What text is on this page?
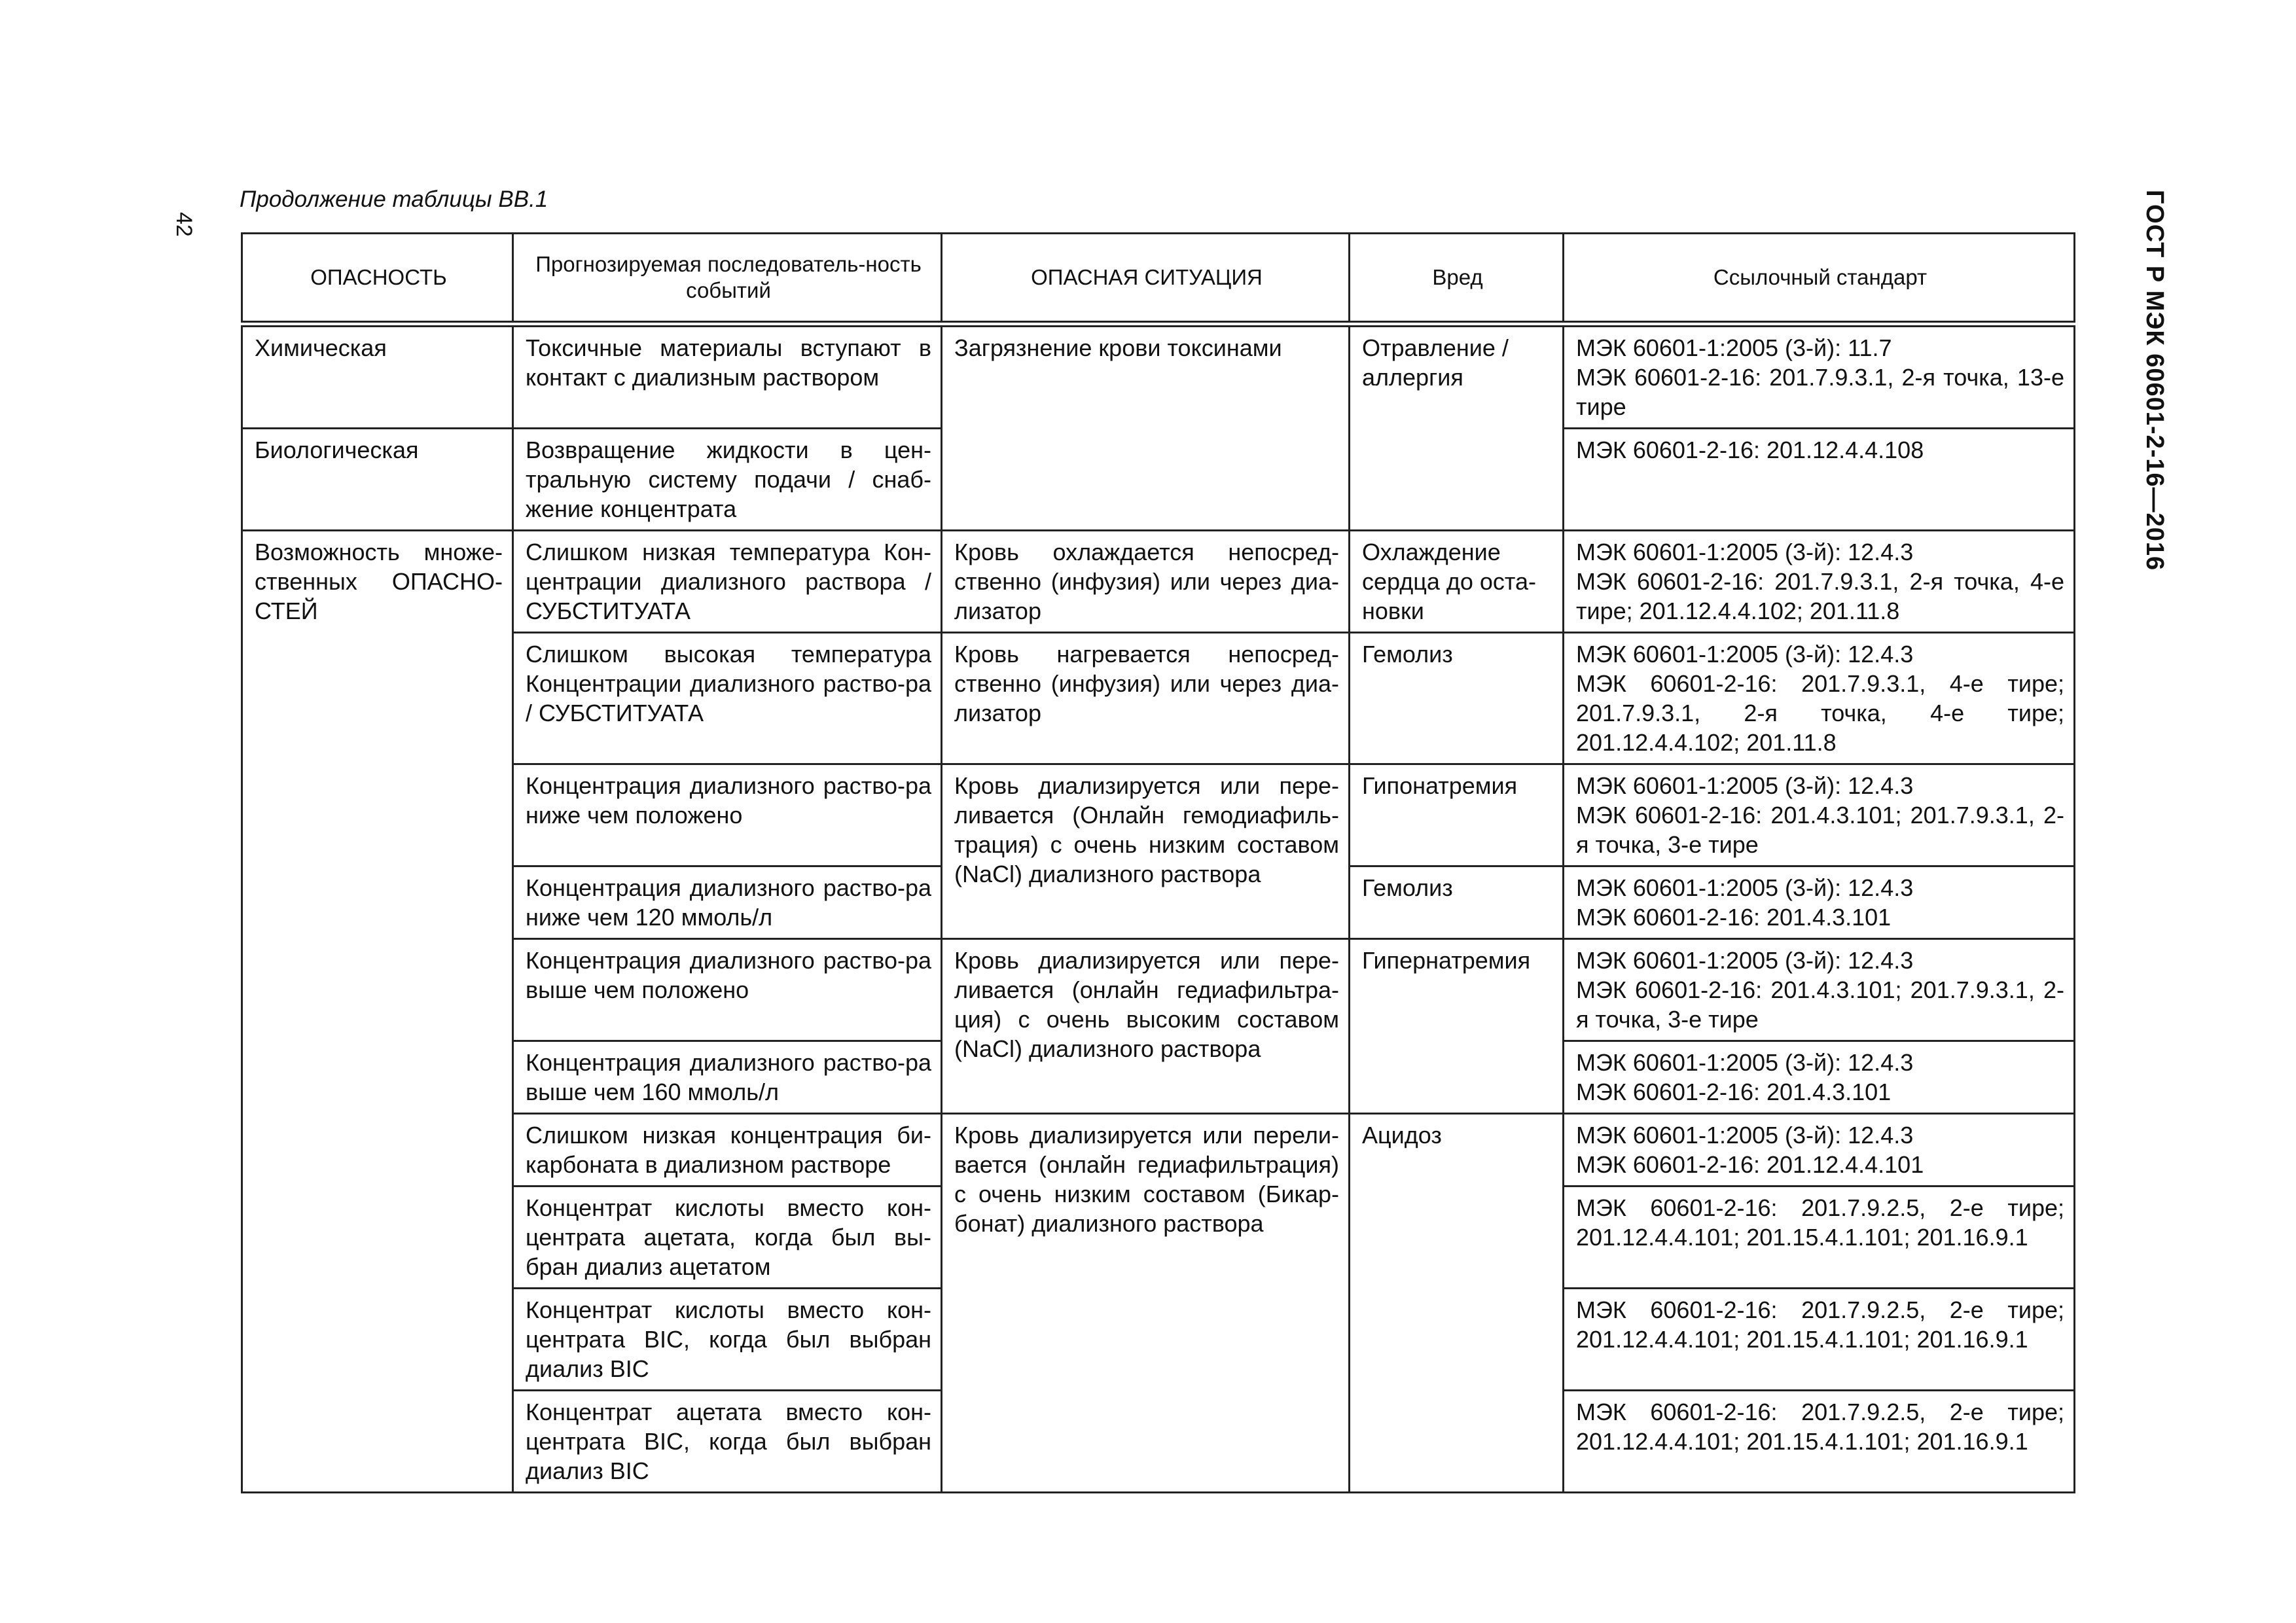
42
Продолжение таблицы ВВ.1	ГОСТ Р МЭК 60601-2-16—2016
ОПАСНОСТЬ	Прогнозируемая последователь-ность событий	ОПАСНАЯ СИТУАЦИЯ	Вред	Ссылочный стандарт
Химическая	Токсичные материалы вступают в контакт с диализным раствором	Загрязнение крови токсинами	Отравление / аллергия	МЭК 60601-1:2005 (3-й): 11.7
МЭК 60601-2-16: 201.7.9.3.1, 2-я точка, 13-е тире

Биологическая	Возвращение жидкости в цен-тральную систему подачи / снаб-жение концентрата			МЭК 60601-2-16: 201.12.4.4.108

Возможность множе-ственных ОПАСНО-СТЕЙ	Слишком низкая температура Кон-центрации диализного раствора / СУБСТИТУАТА	Кровь охлаждается непосред-ственно (инфузия) или через диа-лизатор	Охлаждение сердца до оста-новки	МЭК 60601-1:2005 (3-й): 12.4.3
МЭК 60601-2-16: 201.7.9.3.1, 2-я точка, 4-е тире; 201.12.4.4.102; 201.11.8

	Слишком высокая температура Концентрации диализного раство-ра / СУБСТИТУАТА	Кровь нагревается непосред-ственно (инфузия) или через диа-лизатор	Гемолиз	МЭК 60601-1:2005 (3-й): 12.4.3
МЭК 60601-2-16: 201.7.9.3.1, 4-е тире; 201.7.9.3.1, 2-я точка, 4-е тире; 201.12.4.4.102; 201.11.8

	Концентрация диализного раство-ра ниже чем положено	Кровь диализируется или пере-ливается (Онлайн гемодиафиль-трация) с очень низким составом (NaCl) диализного раствора	Гипонатремия	МЭК 60601-1:2005 (3-й): 12.4.3
МЭК 60601-2-16: 201.4.3.101; 201.7.9.3.1, 2-я точка, 3-е тире

	Концентрация диализного раство-ра ниже чем 120 ммоль/л		Гемолиз	МЭК 60601-1:2005 (3-й): 12.4.3
МЭК 60601-2-16: 201.4.3.101

	Концентрация диализного раство-ра выше чем положено	Кровь диализируется или пере-ливается (онлайн гедиафильтра-ция) с очень высоким составом (NaCl) диализного раствора	Гипернатремия	МЭК 60601-1:2005 (3-й): 12.4.3
МЭК 60601-2-16: 201.4.3.101; 201.7.9.3.1, 2-я точка, 3-е тире

	Концентрация диализного раство-ра выше чем 160 ммоль/л			МЭК 60601-1:2005 (3-й): 12.4.3
МЭК 60601-2-16: 201.4.3.101

	Слишком низкая концентрация би-карбоната в диализном растворе	Кровь диализируется или перели-вается (онлайн гедиафильтрация) с очень низким составом (Бикар-бонат) диализного раствора	Ацидоз	МЭК 60601-1:2005 (3-й): 12.4.3
МЭК 60601-2-16: 201.12.4.4.101

	Концентрат кислоты вместо кон-центрата ацетата, когда был вы-бран диализ ацетатом			МЭК 60601-2-16: 201.7.9.2.5, 2-е тире; 201.12.4.4.101; 201.15.4.1.101; 201.16.9.1

	Концентрат кислоты вместо кон-центрата BIC, когда был выбран диализ BIC			МЭК 60601-2-16: 201.7.9.2.5, 2-е тире; 201.12.4.4.101; 201.15.4.1.101; 201.16.9.1

	Концентрат ацетата вместо кон-центрата BIC, когда был выбран диализ BIC			МЭК 60601-2-16: 201.7.9.2.5, 2-е тире; 201.12.4.4.101; 201.15.4.1.101; 201.16.9.1
